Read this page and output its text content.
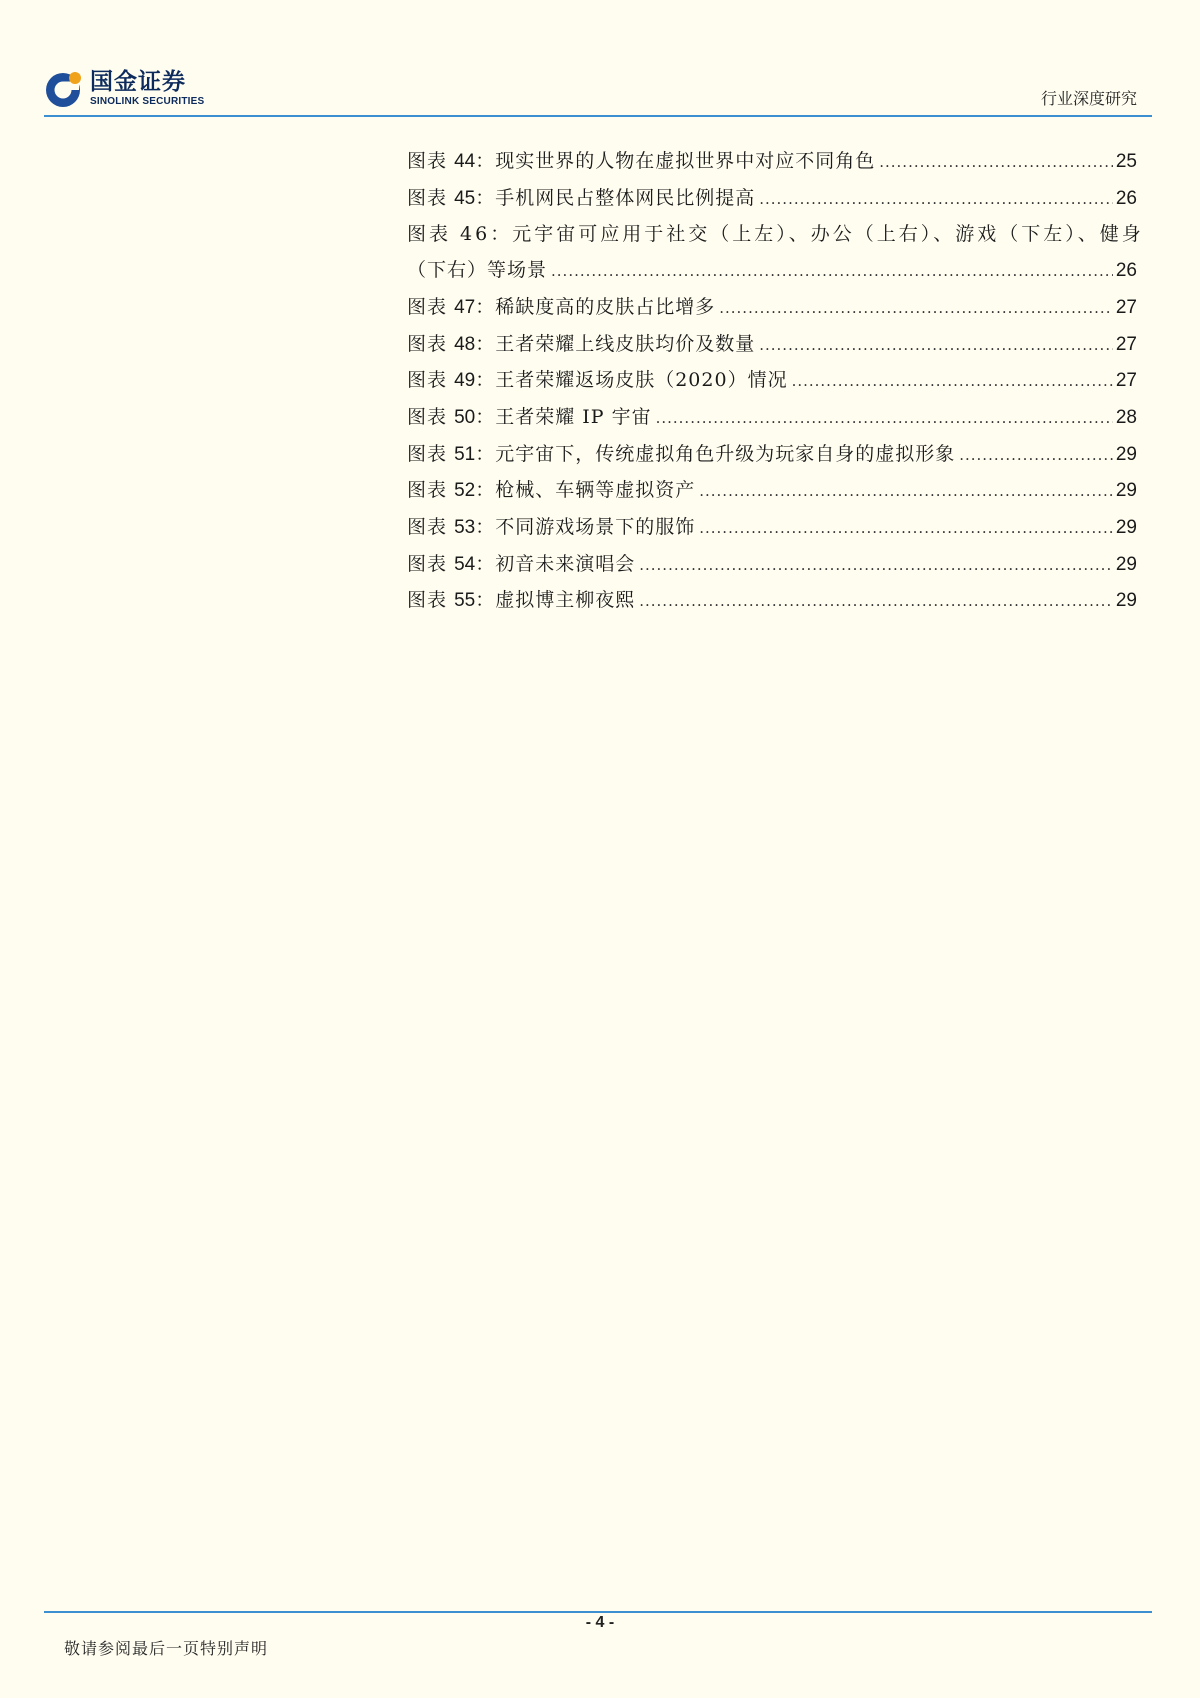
国金证券
SINOLINK SECURITIES	行业深度研究
图表 44：现实世界的人物在虚拟世界中对应不同角色 .....	25
图表 45：手机网民占整体网民比例提高 .....	26
图表 46：元宇宙可应用于社交（上左）、办公（上右）、游戏（下左）、健身
（下右）等场景 .....	26
图表 47：稀缺度高的皮肤占比增多 .....	27
图表 48：王者荣耀上线皮肤均价及数量 .....	27
图表 49：王者荣耀返场皮肤（2020）情况 .....	27
图表 50：王者荣耀 IP 宇宙 .....	28
图表 51：元宇宙下，传统虚拟角色升级为玩家自身的虚拟形象 .....	29
图表 52：枪械、车辆等虚拟资产 .....	29
图表 53：不同游戏场景下的服饰 .....	29
图表 54：初音未来演唱会 .....	29
图表 55：虚拟博主柳夜熙 .....	29
- 4 -
敬请参阅最后一页特别声明
